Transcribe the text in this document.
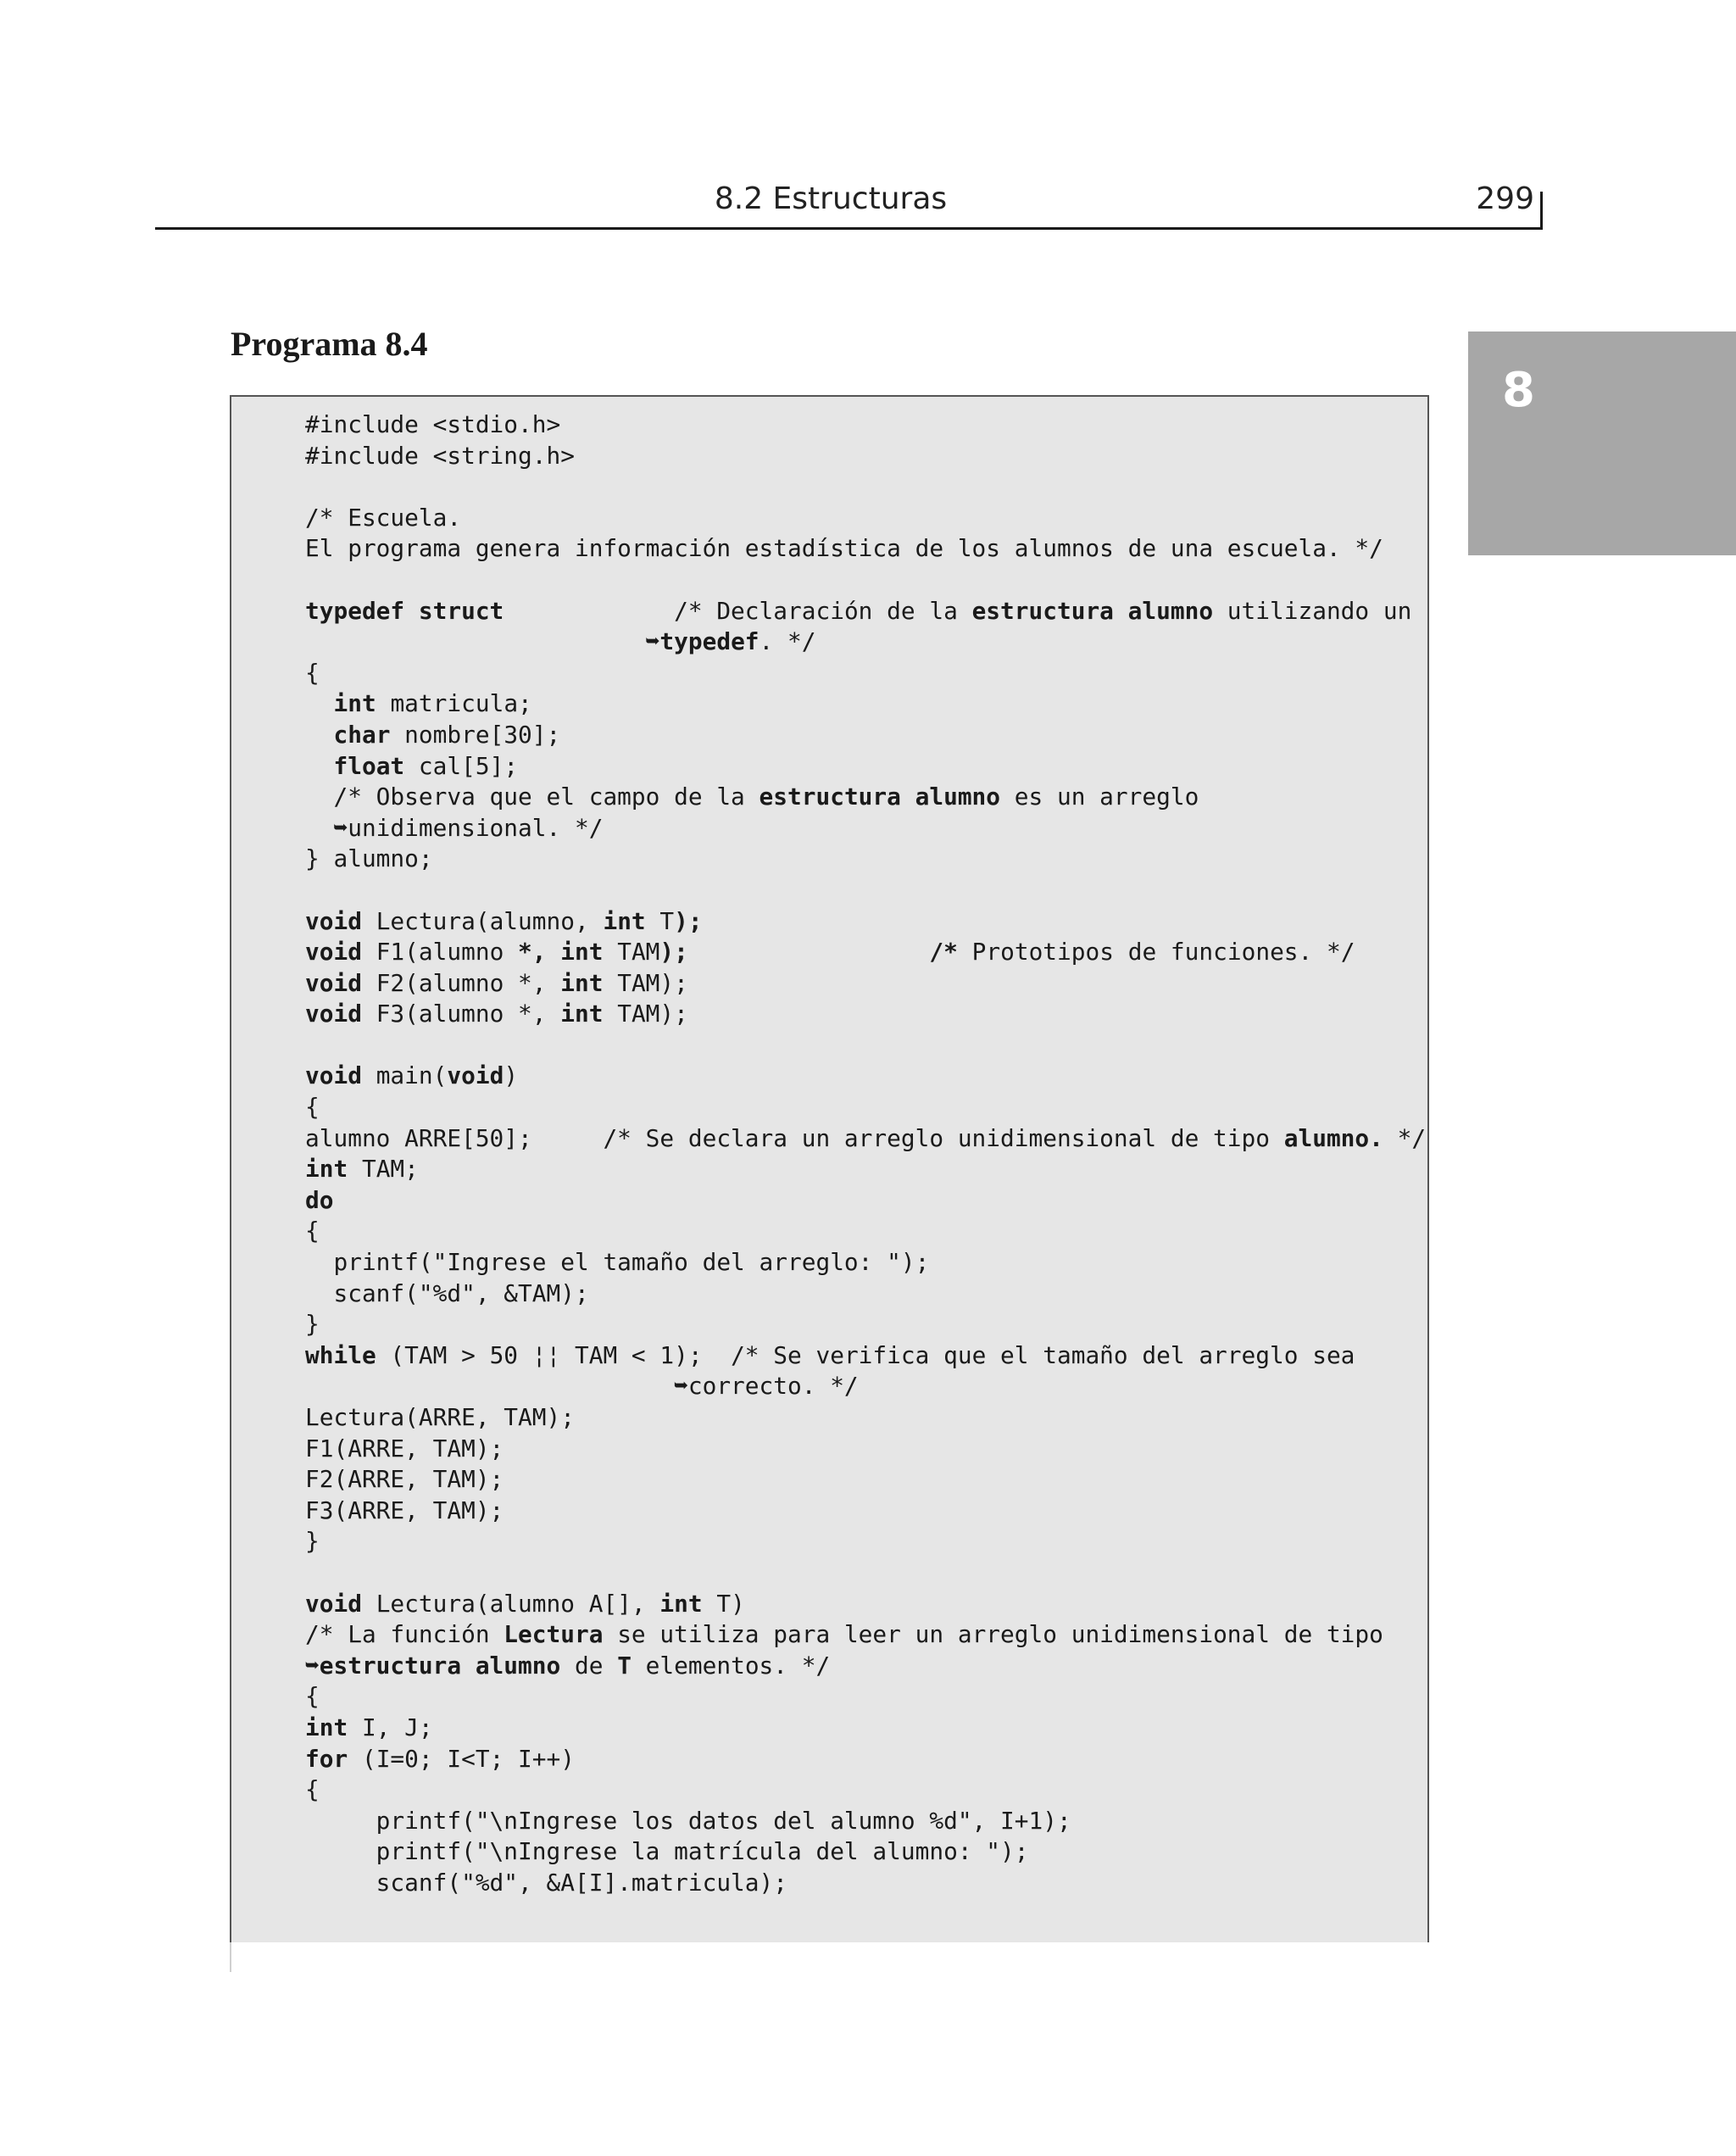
8.2 Estructuras	299
8
Programa 8.4
#include <stdio.h>
#include <string.h>

/* Escuela.
El programa genera información estadística de los alumnos de una escuela. */

typedef struct            /* Declaración de la estructura alumno utilizando un
➥typedef. */
{
int matricula;
char nombre[30];
float cal[5];
/* Observa que el campo de la estructura alumno es un arreglo
➥unidimensional. */
} alumno;

void Lectura(alumno, int T);
void F1(alumno *, int TAM);	/* Prototipos de funciones. */
void F2(alumno *, int TAM);
void F3(alumno *, int TAM);

void main(void)
{
alumno ARRE[50];     /* Se declara un arreglo unidimensional de tipo alumno. */
int TAM;
do
{
printf("Ingrese el tamaño del arreglo: ");
scanf("%d", &TAM);
}
while (TAM > 50 ¦¦ TAM < 1);  /* Se verifica que el tamaño del arreglo sea
➥correcto. */
Lectura(ARRE, TAM);
F1(ARRE, TAM);
F2(ARRE, TAM);
F3(ARRE, TAM);
}

void Lectura(alumno A[], int T)
/* La función Lectura se utiliza para leer un arreglo unidimensional de tipo
➥estructura alumno de T elementos. */
{
int I, J;
for (I=0; I<T; I++)
{
printf("\nIngrese los datos del alumno %d", I+1);
printf("\nIngrese la matrícula del alumno: ");
scanf("%d", &A[I].matricula);
